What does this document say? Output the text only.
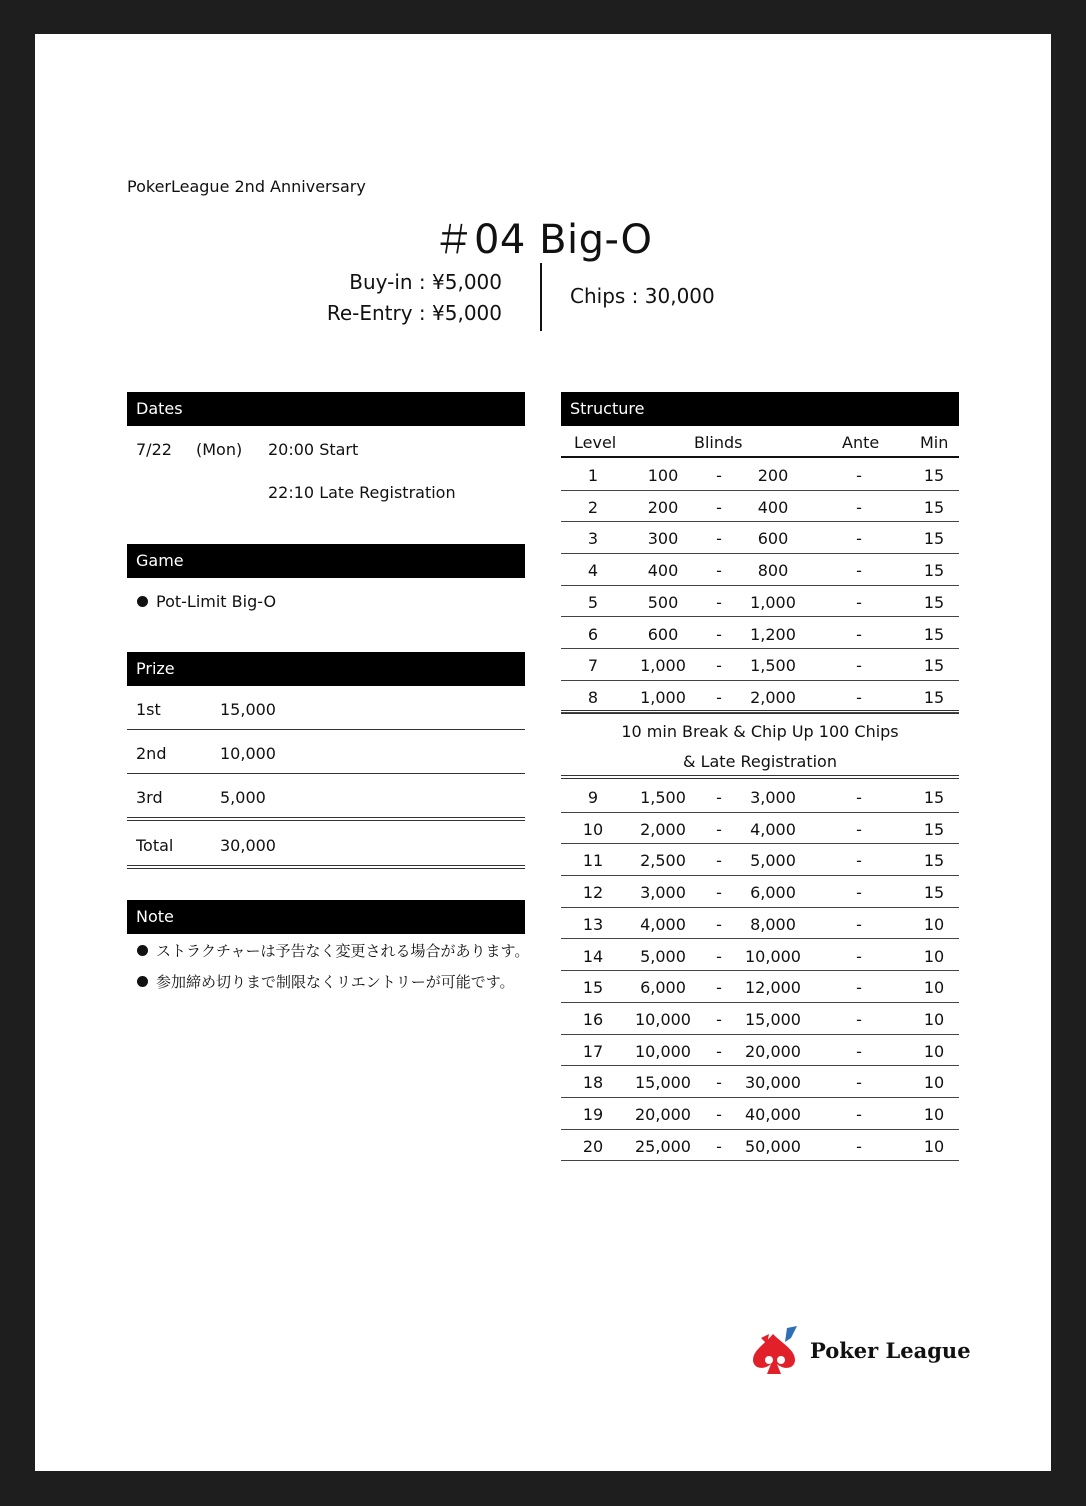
PokerLeague 2nd Anniversary
＃04 Big-O
Buy-in : ¥5,000
Re-Entry : ¥5,000
Chips : 30,000
Dates
7/22 (Mon) 20:00 Start
22:10 Late Registration
Game
Pot-Limit Big-O
Prize
1st	15,000
2nd	10,000
3rd	5,000
Total	30,000
Note
ストラクチャーは予告なく変更される場合があります。
参加締め切りまで制限なくリエントリーが可能です。
Structure
Level	Blinds	Ante	Min
10 min Break & Chip Up 100 Chips
& Late Registration
Poker League
1	100	-	200	-	15
2	200	-	400	-	15
3	300	-	600	-	15
4	400	-	800	-	15
5	500	-	1,000	-	15
6	600	-	1,200	-	15
7	1,000	-	1,500	-	15
8	1,000	-	2,000	-	15
9	1,500	-	3,000	-	15
10	2,000	-	4,000	-	15
11	2,500	-	5,000	-	15
12	3,000	-	6,000	-	15
13	4,000	-	8,000	-	10
14	5,000	-	10,000	-	10
15	6,000	-	12,000	-	10
16	10,000	-	15,000	-	10
17	10,000	-	20,000	-	10
18	15,000	-	30,000	-	10
19	20,000	-	40,000	-	10
20	25,000	-	50,000	-	10
